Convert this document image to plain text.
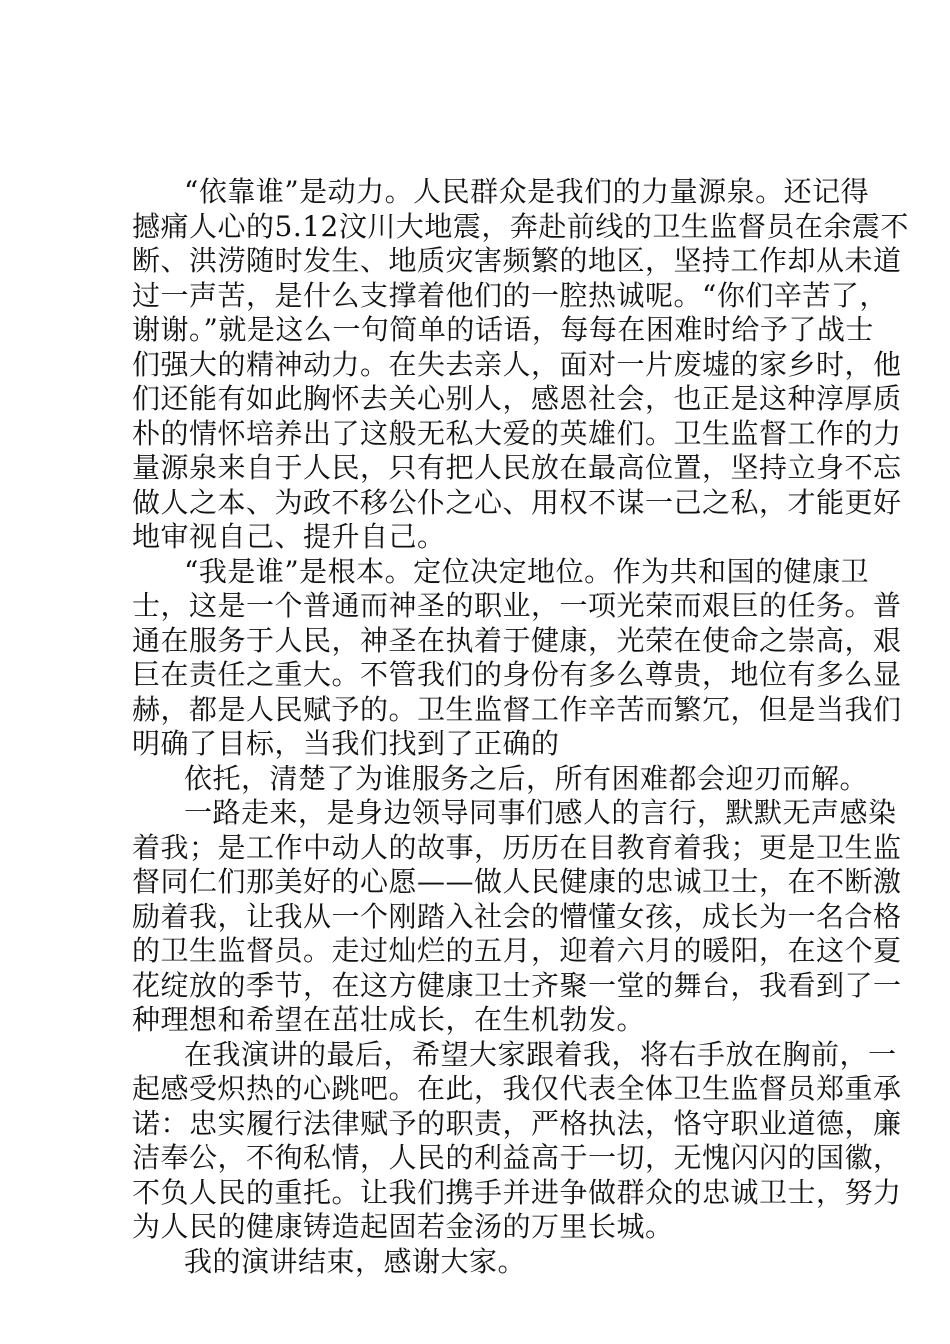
“依靠谁”是动力。人民群众是我们的力量源泉。还记得
撼痛人心的5.12汶川大地震，奔赴前线的卫生监督员在余震不
断、洪涝随时发生、地质灾害频繁的地区，坚持工作却从未道
过一声苦，是什么支撑着他们的一腔热诚呢。“你们辛苦了，
谢谢。”就是这么一句简单的话语，每每在困难时给予了战士
们强大的精神动力。在失去亲人，面对一片废墟的家乡时，他
们还能有如此胸怀去关心别人，感恩社会，也正是这种淳厚质
朴的情怀培养出了这般无私大爱的英雄们。卫生监督工作的力
量源泉来自于人民，只有把人民放在最高位置，坚持立身不忘
做人之本、为政不移公仆之心、用权不谋一己之私，才能更好
地审视自己、提升自己。
“我是谁”是根本。定位决定地位。作为共和国的健康卫
士，这是一个普通而神圣的职业，一项光荣而艰巨的任务。普
通在服务于人民，神圣在执着于健康，光荣在使命之崇高，艰
巨在责任之重大。不管我们的身份有多么尊贵，地位有多么显
赫，都是人民赋予的。卫生监督工作辛苦而繁冗，但是当我们
明确了目标，当我们找到了正确的
依托，清楚了为谁服务之后，所有困难都会迎刃而解。
一路走来，是身边领导同事们感人的言行，默默无声感染
着我；是工作中动人的故事，历历在目教育着我；更是卫生监
督同仁们那美好的心愿——做人民健康的忠诚卫士，在不断激
励着我，让我从一个刚踏入社会的懵懂女孩，成长为一名合格
的卫生监督员。走过灿烂的五月，迎着六月的暖阳，在这个夏
花绽放的季节，在这方健康卫士齐聚一堂的舞台，我看到了一
种理想和希望在茁壮成长，在生机勃发。
在我演讲的最后，希望大家跟着我，将右手放在胸前，一
起感受炽热的心跳吧。在此，我仅代表全体卫生监督员郑重承
诺：忠实履行法律赋予的职责，严格执法，恪守职业道德，廉
洁奉公，不徇私情，人民的利益高于一切，无愧闪闪的国徽，
不负人民的重托。让我们携手并进争做群众的忠诚卫士，努力
为人民的健康铸造起固若金汤的万里长城。
我的演讲结束，感谢大家。
